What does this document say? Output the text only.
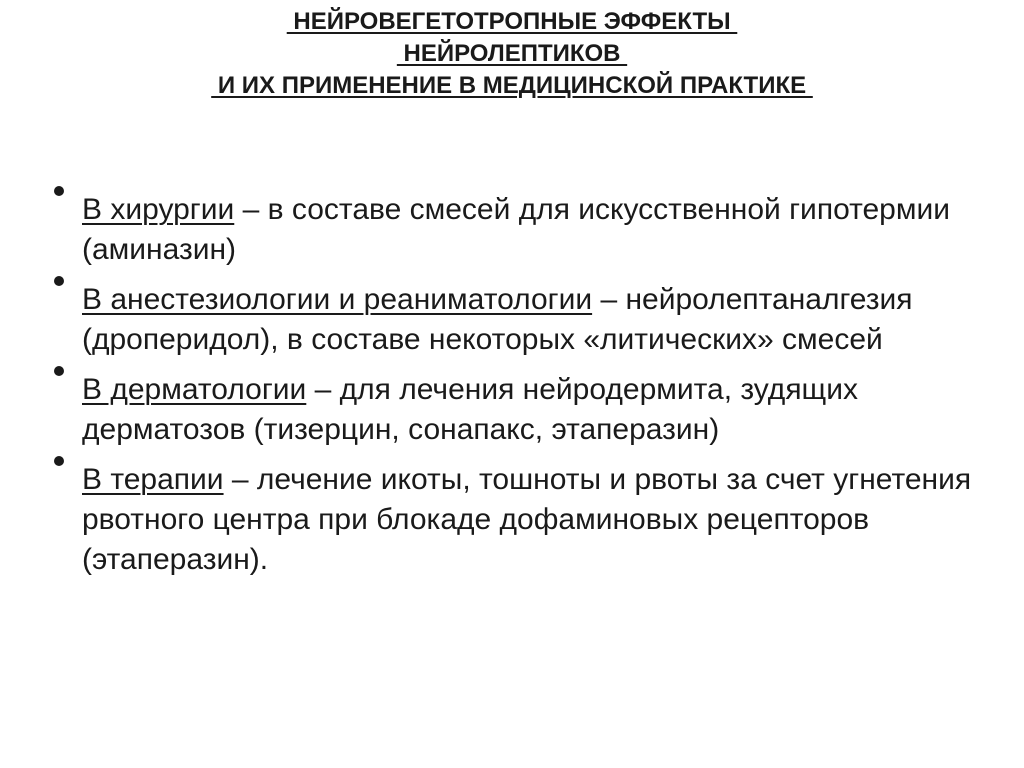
НЕЙРОВЕГЕТОТРОПНЫЕ ЭФФЕКТЫ
НЕЙРОЛЕПТИКОВ
И ИХ ПРИМЕНЕНИЕ В МЕДИЦИНСКОЙ ПРАКТИКЕ
В хирургии – в составе смесей для искусственной гипотермии (аминазин)
В анестезиологии и реаниматологии – нейролептаналгезия (дроперидол), в составе некоторых «литических» смесей
В дерматологии – для лечения нейродермита, зудящих дерматозов (тизерцин, сонапакс, этаперазин)
В терапии – лечение икоты, тошноты и рвоты за счет угнетения рвотного центра при блокаде дофаминовых рецепторов (этаперазин).
